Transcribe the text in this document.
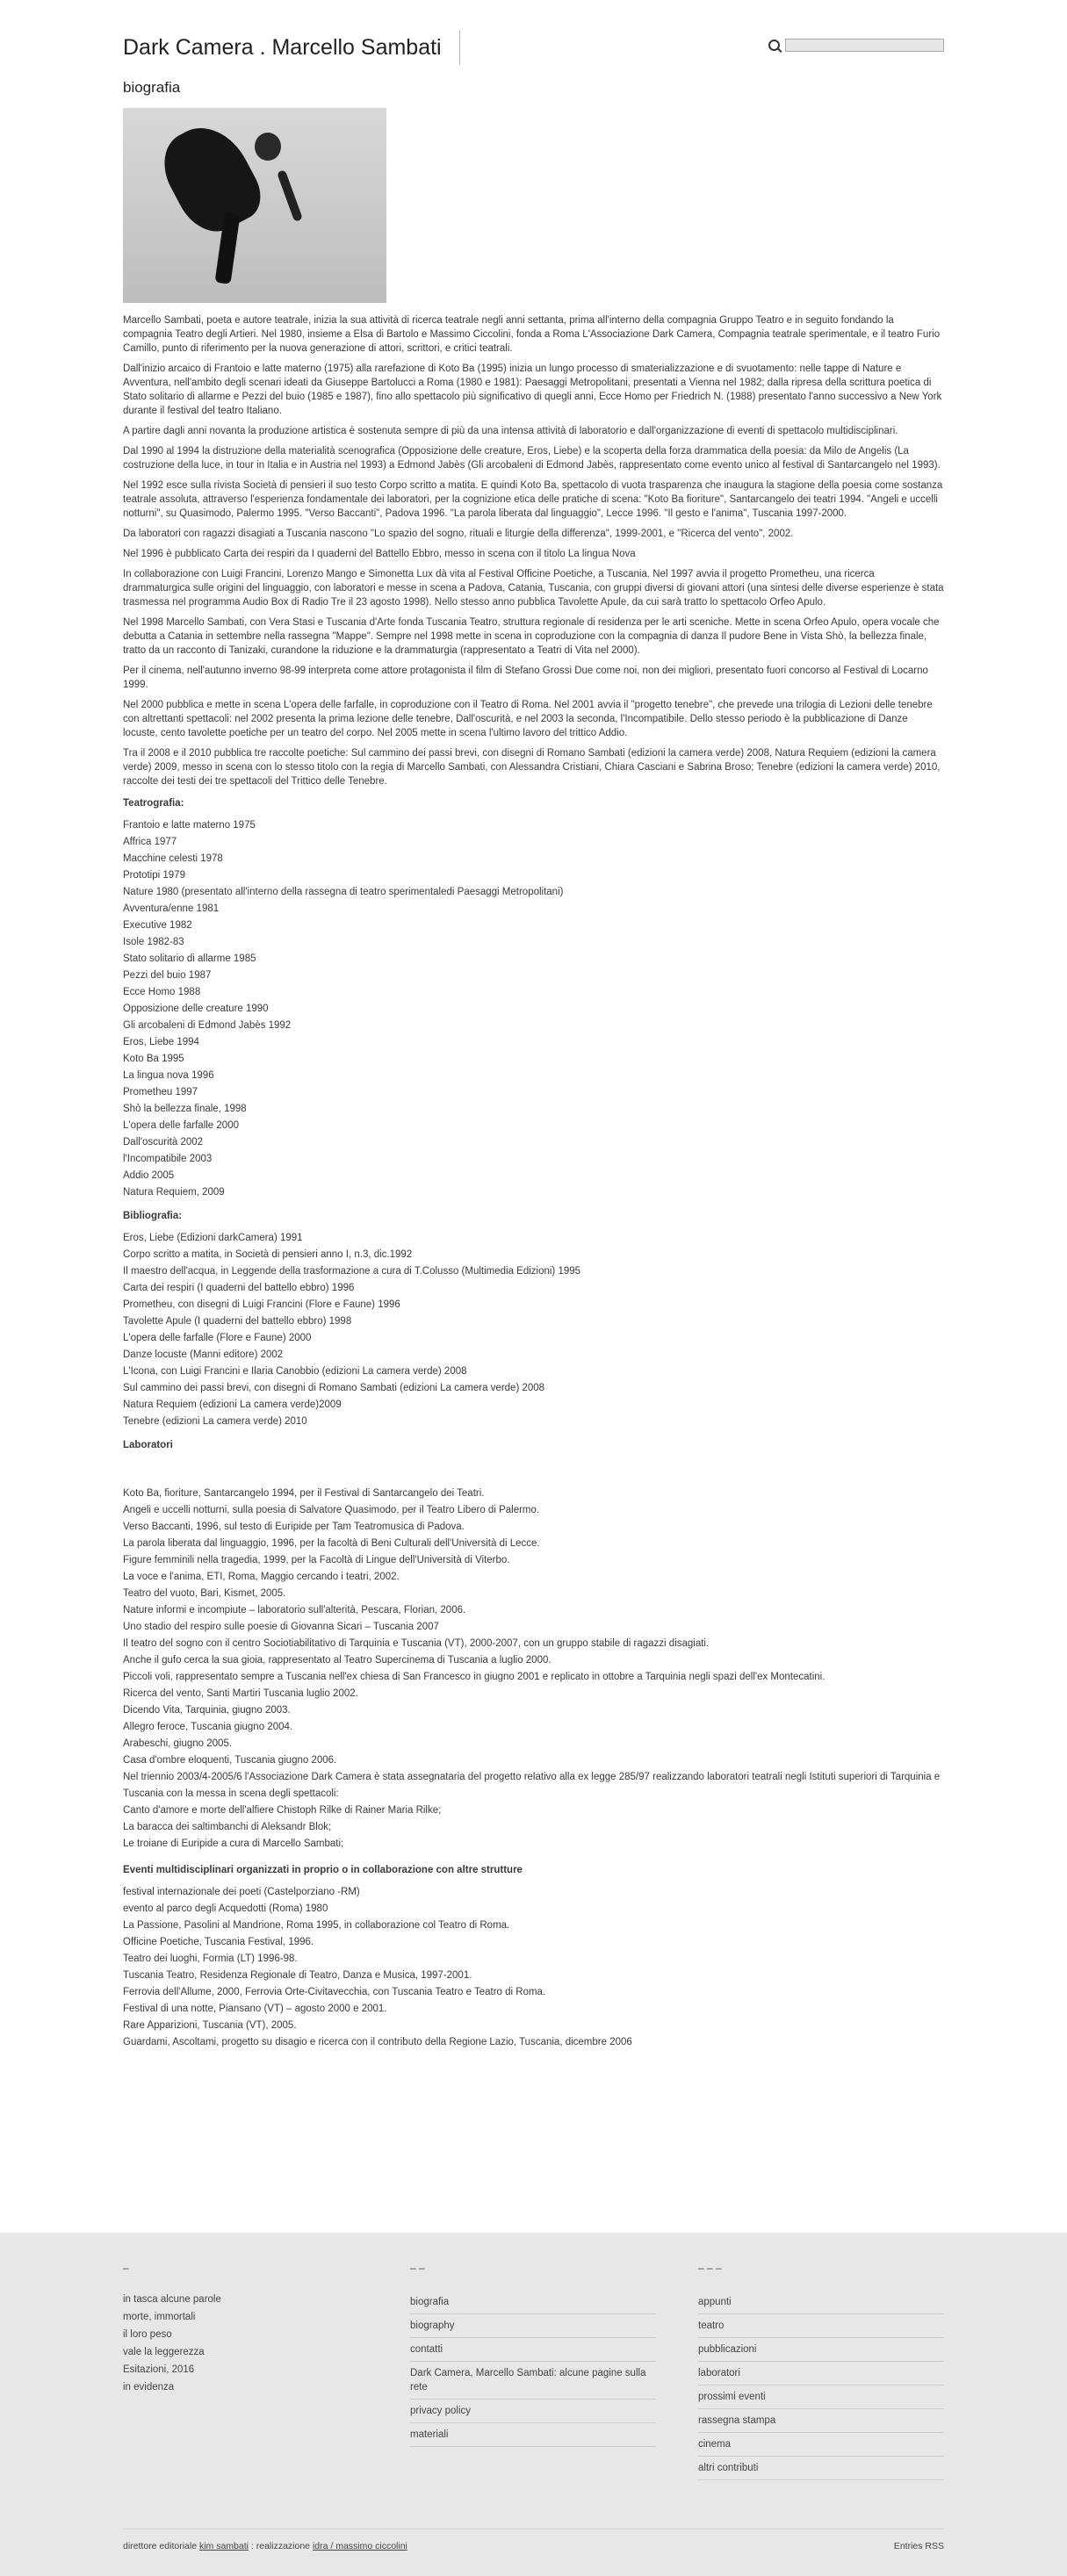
Dark Camera . Marcello Sambati
biografia

Marcello Sambati, poeta e autore teatrale, inizia la sua attività di ricerca teatrale negli anni settanta, prima all'interno della compagnia Gruppo Teatro e in seguito fondando la compagnia Teatro degli Artieri. Nel 1980, insieme a Elsa di Bartolo e Massimo Ciccolini, fonda a Roma L'Associazione Dark Camera, Compagnia teatrale sperimentale, e il teatro Furio Camillo, punto di riferimento per la nuova generazione di attori, scrittori, e critici teatrali.

Dall'inizio arcaico di Frantoio e latte materno (1975) alla rarefazione di Koto Ba (1995) inizia un lungo processo di smaterializzazione e di svuotamento: nelle tappe di Nature e Avventura, nell'ambito degli scenari ideati da Giuseppe Bartolucci a Roma (1980 e 1981): Paesaggi Metropolitani, presentati a Vienna nel 1982; dalla ripresa della scrittura poetica di Stato solitario di allarme e Pezzi del buio (1985 e 1987), fino allo spettacolo più significativo di quegli anni, Ecce Homo per Friedrich N. (1988) presentato l'anno successivo a New York durante il festival del teatro Italiano.

A partire dagli anni novanta la produzione artistica è sostenuta sempre di più da una intensa attività di laboratorio e dall'organizzazione di eventi di spettacolo multidisciplinari.

Dal 1990 al 1994 la distruzione della materialità scenografica (Opposizione delle creature, Eros, Liebe) e la scoperta della forza drammatica della poesia: da Milo de Angelis (La costruzione della luce, in tour in Italia e in Austria nel 1993) a Edmond Jabès (Gli arcobaleni di Edmond Jabès, rappresentato come evento unico al festival di Santarcangelo nel 1993).

Nel 1992 esce sulla rivista Società di pensieri il suo testo Corpo scritto a matita. E quindi Koto Ba, spettacolo di vuota trasparenza che inaugura la stagione della poesia come sostanza teatrale assoluta, attraverso l'esperienza fondamentale dei laboratori, per la cognizione etica delle pratiche di scena: "Koto Ba fioriture", Santarcangelo dei teatri 1994. "Angeli e uccelli notturni", su Quasimodo, Palermo 1995. "Verso Baccanti", Padova 1996. "La parola liberata dal linguaggio", Lecce 1996. "Il gesto e l'anima", Tuscania 1997-2000.

Da laboratori con ragazzi disagiati a Tuscania nascono "Lo spazio del sogno, rituali e liturgie della differenza", 1999-2001, e "Ricerca del vento", 2002.

Nel 1996 è pubblicato Carta dei respiri da I quaderni del Battello Ebbro, messo in scena con il titolo La lingua Nova

In collaborazione con Luigi Francini, Lorenzo Mango e Simonetta Lux dà vita al Festival Officine Poetiche, a Tuscania. Nel 1997 avvia il progetto Prometheu, una ricerca drammaturgica sulle origini del linguaggio, con laboratori e messe in scena a Padova, Catania, Tuscania, con gruppi diversi di giovani attori (una sintesi delle diverse esperienze è stata trasmessa nel programma Audio Box di Radio Tre il 23 agosto 1998). Nello stesso anno pubblica Tavolette Apule, da cui sarà tratto lo spettacolo Orfeo Apulo.

Nel 1998 Marcello Sambati, con Vera Stasi e Tuscania d'Arte fonda Tuscania Teatro, struttura regionale di residenza per le arti sceniche. Mette in scena Orfeo Apulo, opera vocale che debutta a Catania in settembre nella rassegna "Mappe". Sempre nel 1998 mette in scena in coproduzione con la compagnia di danza Il pudore Bene in Vista Shò, la bellezza finale, tratto da un racconto di Tanizaki, curandone la riduzione e la drammaturgia (rappresentato a Teatri di Vita nel 2000).

Per il cinema, nell'autunno inverno 98-99 interpreta come attore protagonista il film di Stefano Grossi Due come noi, non dei migliori, presentato fuori concorso al Festival di Locarno 1999.

Nel 2000 pubblica e mette in scena L'opera delle farfalle, in coproduzione con il Teatro di Roma. Nel 2001 avvia il "progetto tenebre", che prevede una trilogia di Lezioni delle tenebre con altrettanti spettacoli: nel 2002 presenta la prima lezione delle tenebre, Dall'oscurità, e nel 2003 la seconda, l'Incompatibile. Dello stesso periodo è la pubblicazione di Danze locuste, cento tavolette poetiche per un teatro del corpo. Nel 2005 mette in scena l'ultimo lavoro del trittico Addio.

Tra il 2008 e il 2010 pubblica tre raccolte poetiche: Sul cammino dei passi brevi, con disegni di Romano Sambati (edizioni la camera verde) 2008, Natura Requiem (edizioni la camera verde) 2009, messo in scena con lo stesso titolo con la regia di Marcello Sambati, con Alessandra Cristiani, Chiara Casciani e Sabrina Broso; Tenebre (edizioni la camera verde) 2010, raccolte dei testi dei tre spettacoli del Trittico delle Tenebre.

Teatrografia:
Frantoio e latte materno 1975
Affrica 1977
Macchine celesti 1978
Prototipi 1979
Nature 1980 (presentato all'interno della rassegna di teatro sperimentaledi Paesaggi Metropolitani)
Avventura/enne 1981
Executive 1982
Isole 1982-83
Stato solitario di allarme 1985
Pezzi del buio 1987
Ecce Homo 1988
Opposizione delle creature 1990
Gli arcobaleni di Edmond Jabès 1992
Eros, Liebe 1994
Koto Ba 1995
La lingua nova 1996
Prometheu 1997
Shò la bellezza finale, 1998
L'opera delle farfalle 2000
Dall'oscurità 2002
l'Incompatibile 2003
Addio 2005
Natura Requiem, 2009
Bibliografia:
Eros, Liebe (Edizioni darkCamera) 1991
Corpo scritto a matita, in Società di pensieri anno I, n.3, dic.1992
Il maestro dell'acqua, in Leggende della trasformazione a cura di T.Colusso (Multimedia Edizioni) 1995
Carta dei respiri (I quaderni del battello ebbro) 1996
Prometheu, con disegni di Luigi Francini (Flore e Faune) 1996
Tavolette Apule (I quaderni del battello ebbro) 1998
L'opera delle farfalle (Flore e Faune) 2000
Danze locuste (Manni editore) 2002
L'Icona, con Luigi Francini e Ilaria Canobbio (edizioni La camera verde) 2008
Sul cammino dei passi brevi, con disegni di Romano Sambati (edizioni La camera verde) 2008
Natura Requiem (edizioni La camera verde)2009
Tenebre (edizioni La camera verde) 2010
Laboratori
Koto Ba, fioriture, Santarcangelo 1994, per il Festival di Santarcangelo dei Teatri.
Angeli e uccelli notturni, sulla poesia di Salvatore Quasimodo, per il Teatro Libero di Palermo.
Verso Baccanti, 1996, sul testo di Euripide per Tam Teatromusica di Padova.
La parola liberata dal linguaggio, 1996, per la facoltà di Beni Culturali dell'Università di Lecce.
Figure femminili nella tragedia, 1999, per la Facoltà di Lingue dell'Università di Viterbo.
La voce e l'anima, ETI, Roma, Maggio cercando i teatri, 2002.
Teatro del vuoto, Bari, Kismet, 2005.
Nature informi e incompiute – laboratorio sull'alterità, Pescara, Florian, 2006.
Uno stadio del respiro sulle poesie di Giovanna Sicari – Tuscania 2007
Il teatro del sogno con il centro Sociotiabilitativo di Tarquinia e Tuscania (VT), 2000-2007, con un gruppo stabile di ragazzi disagiati.
Anche il gufo cerca la sua gioia, rappresentato al Teatro Supercinema di Tuscania a luglio 2000.
Piccoli voli, rappresentato sempre a Tuscania nell'ex chiesa di San Francesco in giugno 2001 e replicato in ottobre a Tarquinia negli spazi dell'ex Montecatini.
Ricerca del vento, Santi Martiri Tuscania luglio 2002.
Dicendo Vita, Tarquinia, giugno 2003.
Allegro feroce, Tuscania giugno 2004.
Arabeschi, giugno 2005.
Casa d'ombre eloquenti, Tuscania giugno 2006.
Nel triennio 2003/4-2005/6 l'Associazione Dark Camera è stata assegnataria del progetto relativo alla ex legge 285/97 realizzando laboratori teatrali negli Istituti superiori di Tarquinia e Tuscania con la messa in scena degli spettacoli:
Canto d'amore e morte dell'alfiere Chistoph Rilke di Rainer Maria Rilke;
La baracca dei saltimbanchi di Aleksandr Blok;
Le troiane di Euripide a cura di Marcello Sambati;
Eventi multidisciplinari organizzati in proprio o in collaborazione con altre strutture
festival internazionale dei poeti (Castelporziano -RM)
evento al parco degli Acquedotti (Roma) 1980
La Passione, Pasolini al Mandrione, Roma 1995, in collaborazione col Teatro di Roma.
Officine Poetiche, Tuscania Festival, 1996.
Teatro dei luoghi, Formia (LT) 1996-98.
Tuscania Teatro, Residenza Regionale di Teatro, Danza e Musica, 1997-2001.
Ferrovia dell'Allume, 2000, Ferrovia Orte-Civitavecchia, con Tuscania Teatro e Teatro di Roma.
Festival di una notte, Piansano (VT) – agosto 2000 e 2001.
Rare Apparizioni, Tuscania (VT), 2005.
Guardami, Ascoltami, progetto su disagio e ricerca con il contributo della Regione Lazio, Tuscania, dicembre 2006
–
in tasca alcune parole
morte, immortali
il loro peso
vale la leggerezza
Esitazioni, 2016
in evidenza
– –
biografia
biography
contatti
Dark Camera, Marcello Sambati: alcune pagine sulla rete
privacy policy
materiali
– – –
appunti
teatro
pubblicazioni
laboratori
prossimi eventi
rassegna stampa
cinema
altri contributi
direttore editoriale kim sambati : realizzazione idra / massimo ciccolini	Entries RSS
